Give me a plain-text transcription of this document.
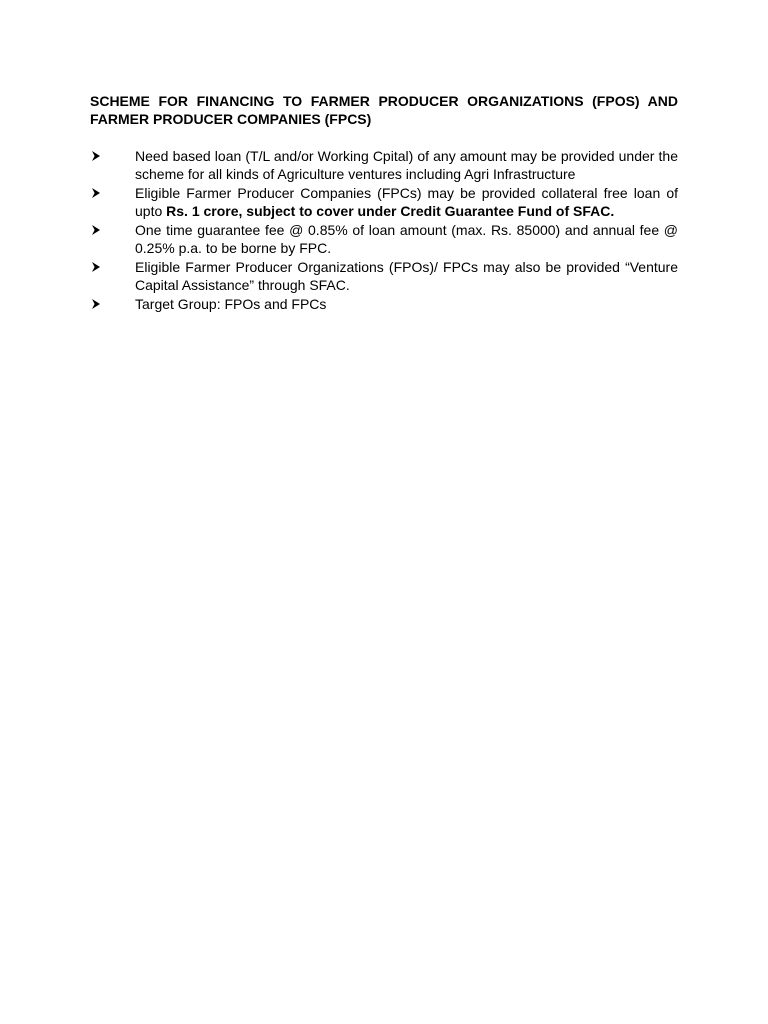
SCHEME FOR FINANCING TO FARMER PRODUCER ORGANIZATIONS (FPOS) AND FARMER PRODUCER COMPANIES (FPCS)
Need based loan (T/L and/or Working Cpital) of any amount may be provided under the scheme for all kinds of Agriculture ventures including Agri Infrastructure
Eligible Farmer Producer Companies (FPCs) may be provided collateral free loan of upto Rs. 1 crore, subject to cover under Credit Guarantee Fund of SFAC.
One time guarantee fee @ 0.85% of loan amount (max. Rs. 85000) and annual fee @ 0.25% p.a. to be borne by FPC.
Eligible Farmer Producer Organizations (FPOs)/ FPCs may also be provided “Venture Capital Assistance” through SFAC.
Target Group: FPOs and FPCs
